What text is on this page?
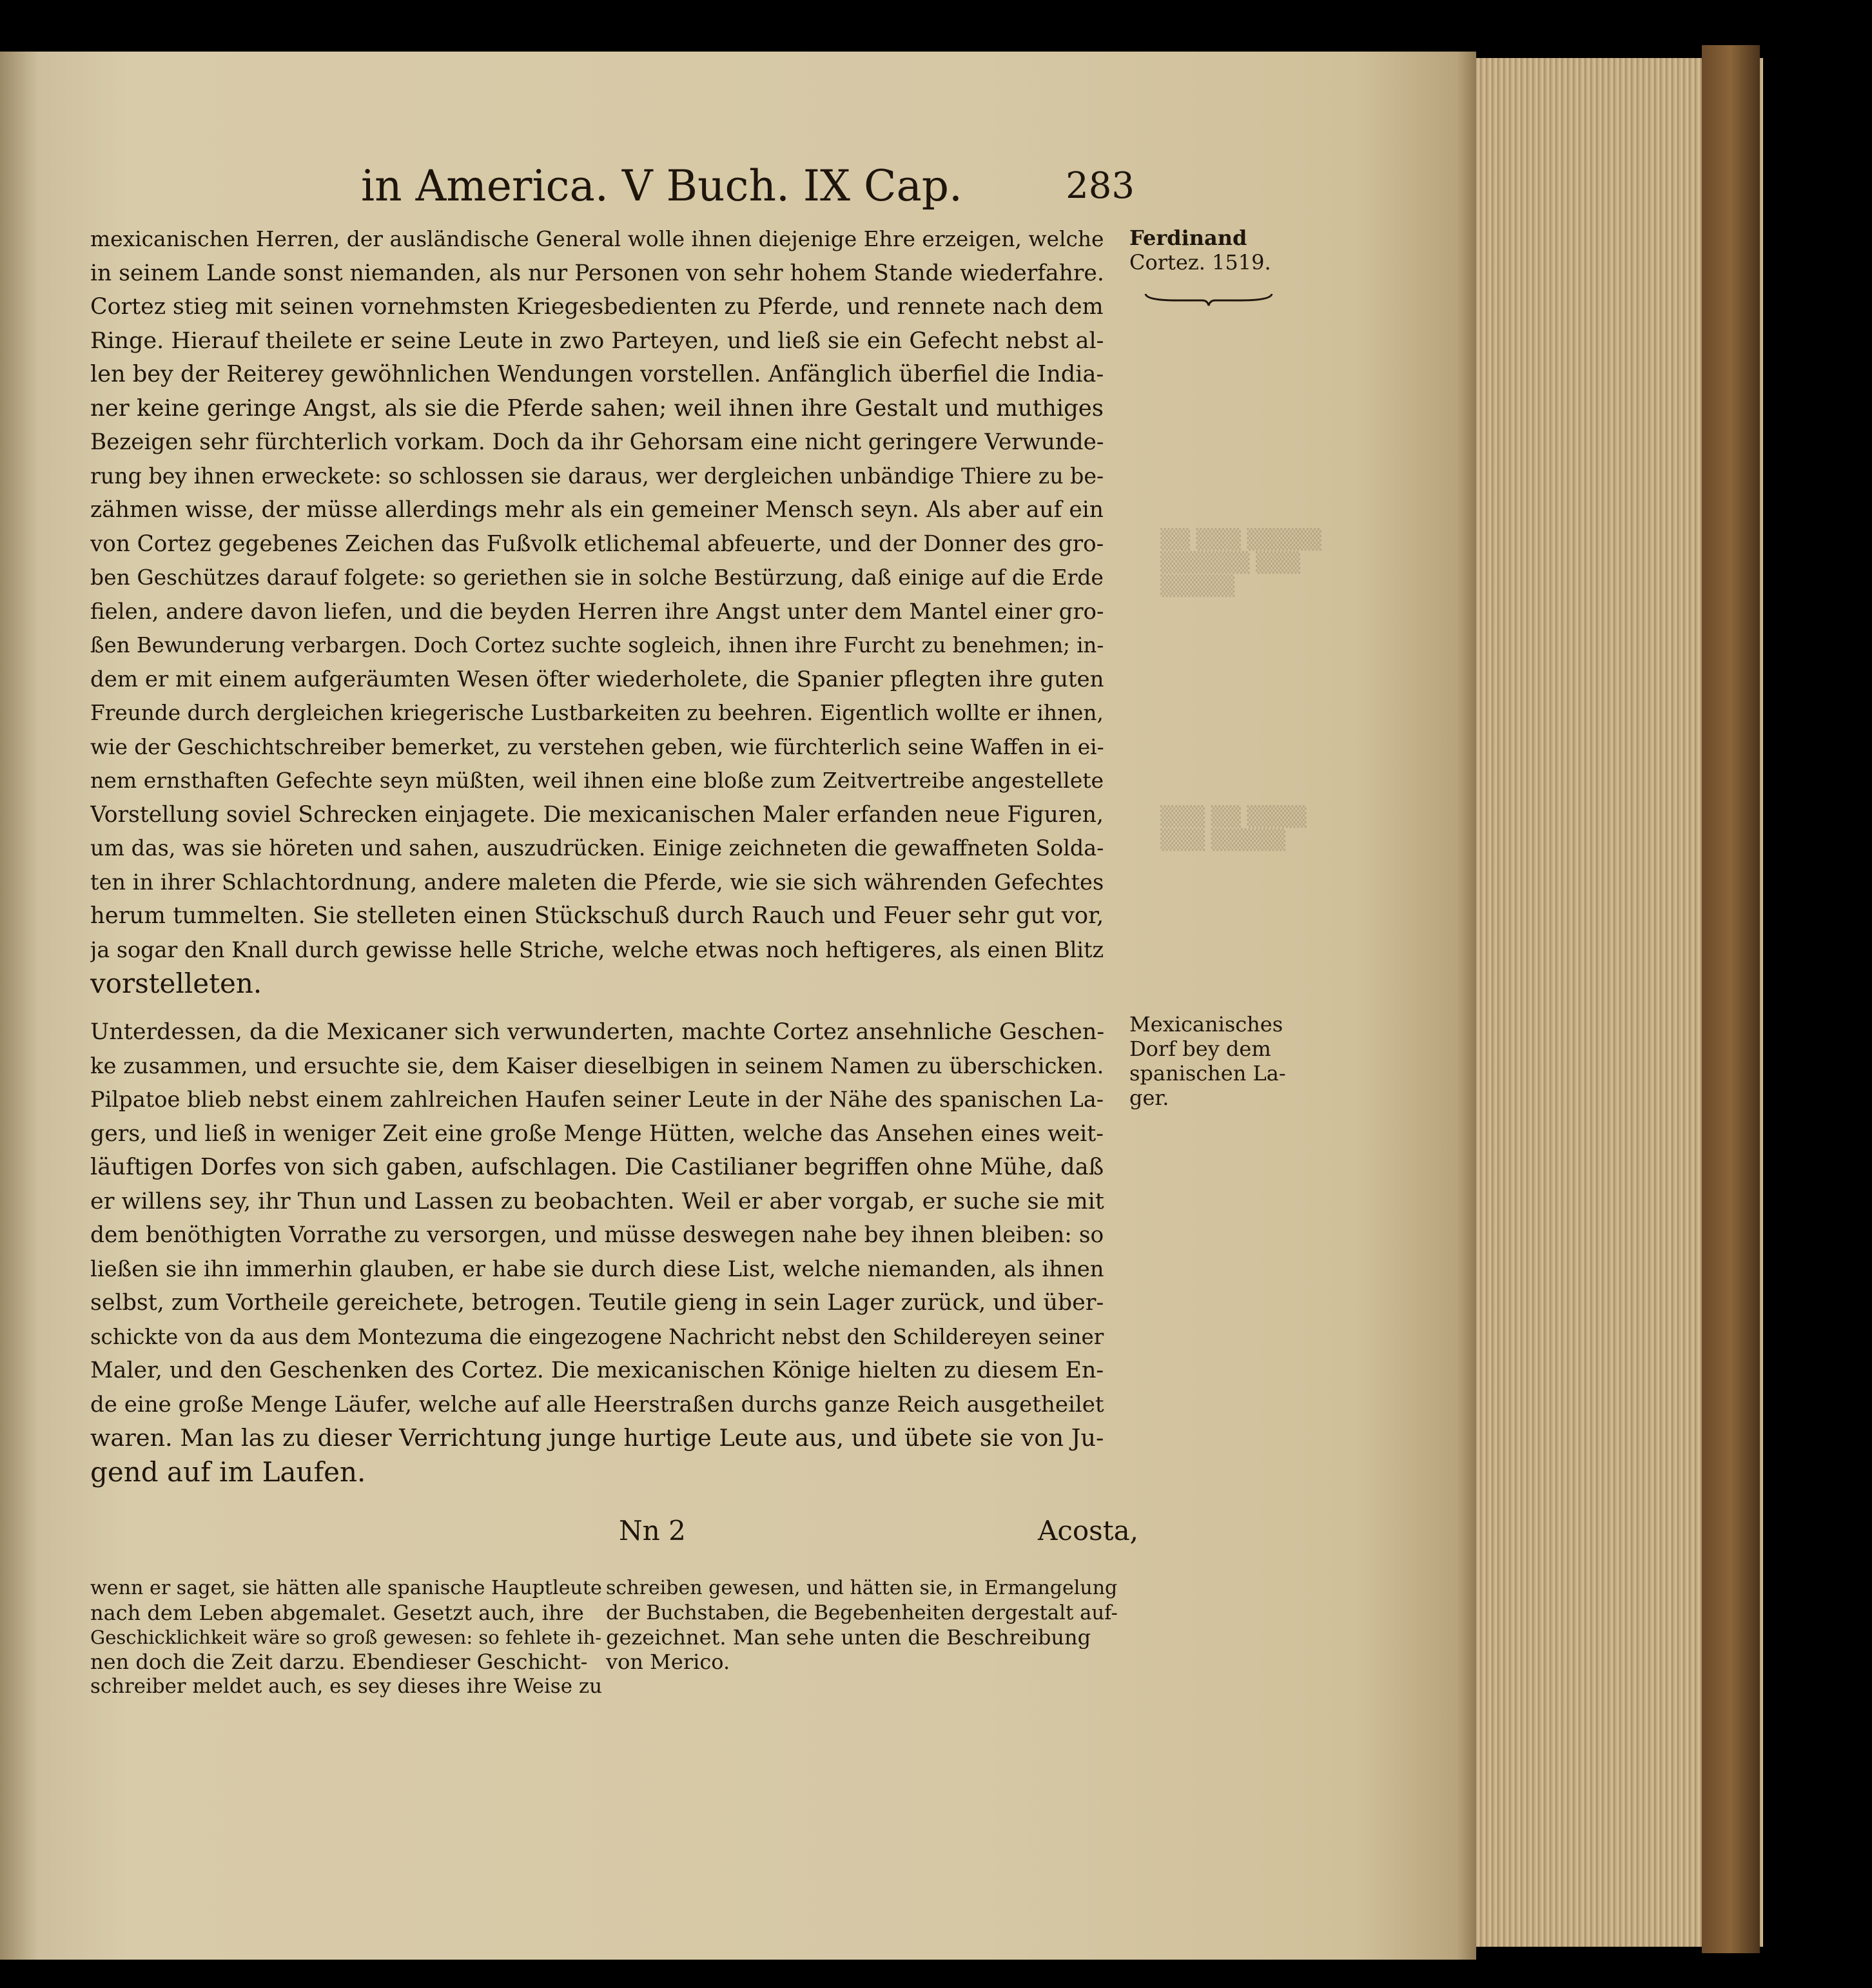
▒▒ ▒▒▒ ▒▒▒▒▒
▒▒▒▒▒▒ ▒▒▒
▒▒▒▒▒
▒▒▒ ▒▒ ▒▒▒▒
▒▒▒ ▒▒▒▒▒
in America. V Buch. IX Cap.	283
Ferdinand
Cortez. 1519.
mexicanischen Herren, der ausländische General wolle ihnen diejenige Ehre erzeigen, welche
in seinem Lande sonst niemanden, als nur Personen von sehr hohem Stande wiederfahre.
Cortez stieg mit seinen vornehmsten Kriegesbedienten zu Pferde, und rennete nach dem
Ringe. Hierauf theilete er seine Leute in zwo Parteyen, und ließ sie ein Gefecht nebst al-
len bey der Reiterey gewöhnlichen Wendungen vorstellen. Anfänglich überfiel die India-
ner keine geringe Angst, als sie die Pferde sahen; weil ihnen ihre Gestalt und muthiges
Bezeigen sehr fürchterlich vorkam. Doch da ihr Gehorsam eine nicht geringere Verwunde-
rung bey ihnen erweckete: so schlossen sie daraus, wer dergleichen unbändige Thiere zu be-
zähmen wisse, der müsse allerdings mehr als ein gemeiner Mensch seyn. Als aber auf ein
von Cortez gegebenes Zeichen das Fußvolk etlichemal abfeuerte, und der Donner des gro-
ben Geschützes darauf folgete: so geriethen sie in solche Bestürzung, daß einige auf die Erde
fielen, andere davon liefen, und die beyden Herren ihre Angst unter dem Mantel einer gro-
ßen Bewunderung verbargen. Doch Cortez suchte sogleich, ihnen ihre Furcht zu benehmen; in-
dem er mit einem aufgeräumten Wesen öfter wiederholete, die Spanier pflegten ihre guten
Freunde durch dergleichen kriegerische Lustbarkeiten zu beehren. Eigentlich wollte er ihnen,
wie der Geschichtschreiber bemerket, zu verstehen geben, wie fürchterlich seine Waffen in ei-
nem ernsthaften Gefechte seyn müßten, weil ihnen eine bloße zum Zeitvertreibe angestellete
Vorstellung soviel Schrecken einjagete. Die mexicanischen Maler erfanden neue Figuren,
um das, was sie höreten und sahen, auszudrücken. Einige zeichneten die gewaffneten Solda-
ten in ihrer Schlachtordnung, andere maleten die Pferde, wie sie sich währenden Gefechtes
herum tummelten. Sie stelleten einen Stückschuß durch Rauch und Feuer sehr gut vor,
ja sogar den Knall durch gewisse helle Striche, welche etwas noch heftigeres, als einen Blitz
vorstelleten.
Mexicanisches
Dorf bey dem
spanischen La-
ger.
Unterdessen, da die Mexicaner sich verwunderten, machte Cortez ansehnliche Geschen-
ke zusammen, und ersuchte sie, dem Kaiser dieselbigen in seinem Namen zu überschicken.
Pilpatoe blieb nebst einem zahlreichen Haufen seiner Leute in der Nähe des spanischen La-
gers, und ließ in weniger Zeit eine große Menge Hütten, welche das Ansehen eines weit-
läuftigen Dorfes von sich gaben, aufschlagen. Die Castilianer begriffen ohne Mühe, daß
er willens sey, ihr Thun und Lassen zu beobachten. Weil er aber vorgab, er suche sie mit
dem benöthigten Vorrathe zu versorgen, und müsse deswegen nahe bey ihnen bleiben: so
ließen sie ihn immerhin glauben, er habe sie durch diese List, welche niemanden, als ihnen
selbst, zum Vortheile gereichete, betrogen. Teutile gieng in sein Lager zurück, und über-
schickte von da aus dem Montezuma die eingezogene Nachricht nebst den Schildereyen seiner
Maler, und den Geschenken des Cortez. Die mexicanischen Könige hielten zu diesem En-
de eine große Menge Läufer, welche auf alle Heerstraßen durchs ganze Reich ausgetheilet
waren. Man las zu dieser Verrichtung junge hurtige Leute aus, und übete sie von Ju-
gend auf im Laufen.
Nn 2	Acosta,
wenn er saget, sie hätten alle spanische Hauptleute
nach dem Leben abgemalet. Gesetzt auch, ihre
Geschicklichkeit wäre so groß gewesen: so fehlete ih-
nen doch die Zeit darzu. Ebendieser Geschicht-
schreiber meldet auch, es sey dieses ihre Weise zu
schreiben gewesen, und hätten sie, in Ermangelung
der Buchstaben, die Begebenheiten dergestalt auf-
gezeichnet. Man sehe unten die Beschreibung
von Merico.
